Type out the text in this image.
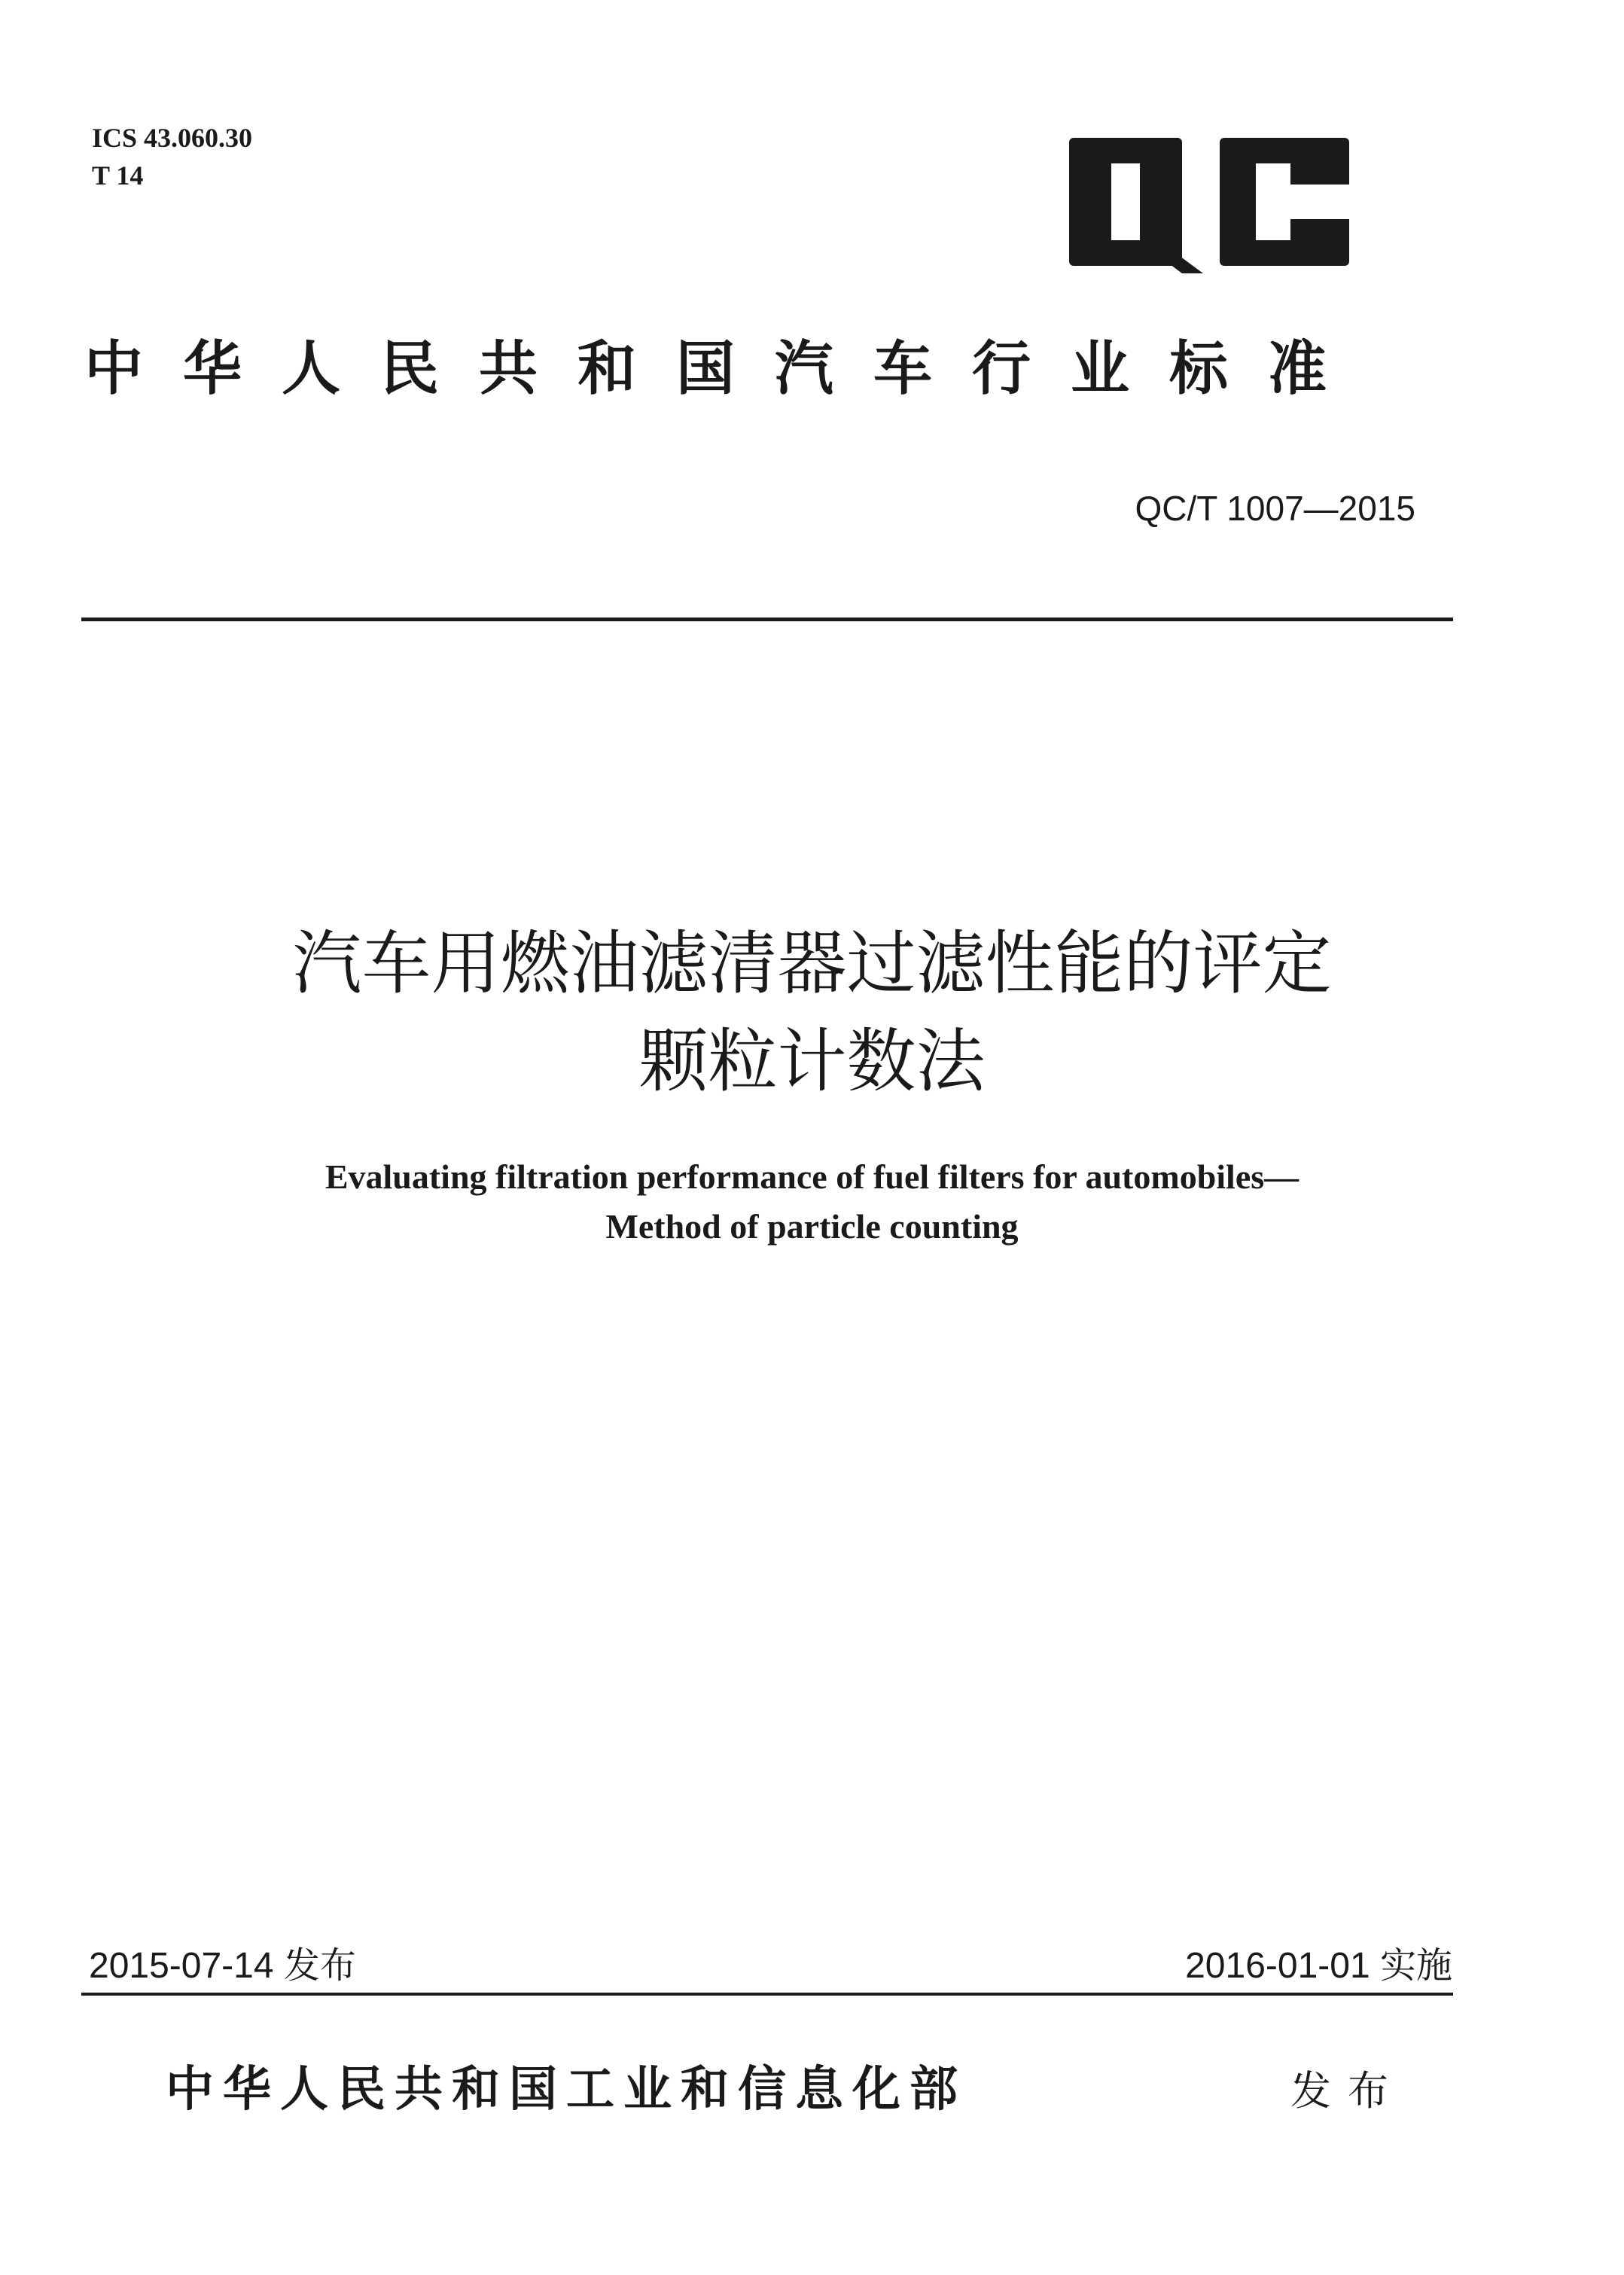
ICS 43.060.30
T 14
中华人民共和国汽车行业标准
QC/T 1007—2015
汽车用燃油滤清器过滤性能的评定
颗粒计数法
Evaluating filtration performance of fuel filters for automobiles—
Method of particle counting
2015-07-14 发布	2016-01-01 实施
中华人民共和国工业和信息化部	发布
